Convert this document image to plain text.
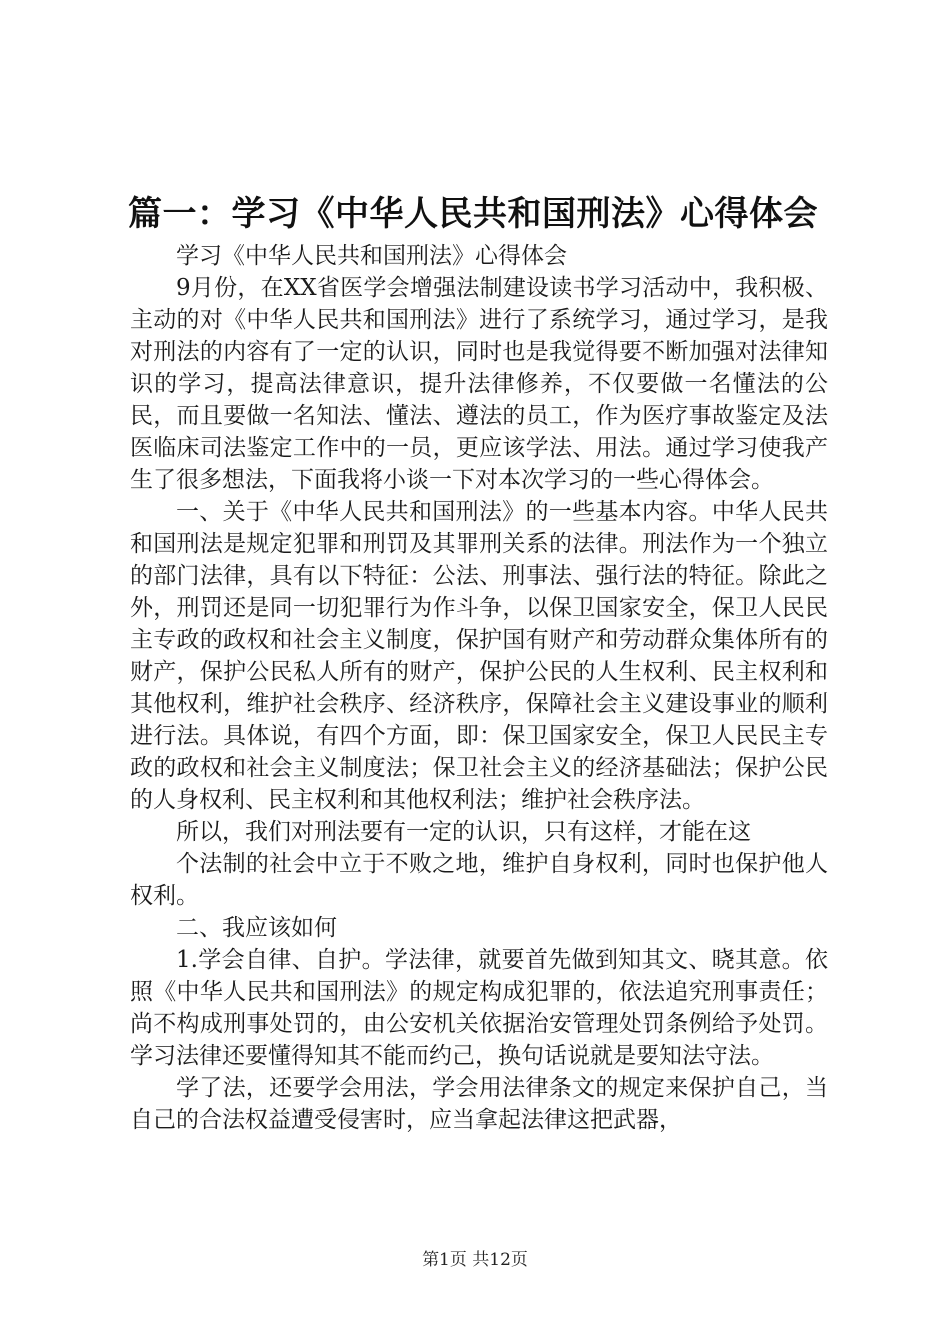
篇一：学习《中华人民共和国刑法》心得体会

学习《中华人民共和国刑法》心得体会

9月份，在XX省医学会增强法制建设读书学习活动中，我积极、主动的对《中华人民共和国刑法》进行了系统学习，通过学习，是我对刑法的内容有了一定的认识，同时也是我觉得要不断加强对法律知识的学习，提高法律意识，提升法律修养，不仅要做一名懂法的公民，而且要做一名知法、懂法、遵法的员工，作为医疗事故鉴定及法医临床司法鉴定工作中的一员，更应该学法、用法。通过学习使我产生了很多想法，下面我将小谈一下对本次学习的一些心得体会。

一、关于《中华人民共和国刑法》的一些基本内容。中华人民共和国刑法是规定犯罪和刑罚及其罪刑关系的法律。刑法作为一个独立的部门法律，具有以下特征：公法、刑事法、强行法的特征。除此之外，刑罚还是同一切犯罪行为作斗争，以保卫国家安全，保卫人民民主专政的政权和社会主义制度，保护国有财产和劳动群众集体所有的财产，保护公民私人所有的财产，保护公民的人生权利、民主权利和其他权利，维护社会秩序、经济秩序，保障社会主义建设事业的顺利进行法。具体说，有四个方面，即：保卫国家安全，保卫人民民主专政的政权和社会主义制度法；保卫社会主义的经济基础法；保护公民的人身权利、民主权利和其他权利法；维护社会秩序法。

所以，我们对刑法要有一定的认识，只有这样，才能在这

个法制的社会中立于不败之地，维护自身权利，同时也保护他人权利。

二、我应该如何

1.学会自律、自护。学法律，就要首先做到知其文、晓其意。依照《中华人民共和国刑法》的规定构成犯罪的，依法追究刑事责任；尚不构成刑事处罚的，由公安机关依据治安管理处罚条例给予处罚。学习法律还要懂得知其不能而约己，换句话说就是要知法守法。

学了法，还要学会用法，学会用法律条文的规定来保护自己，当自己的合法权益遭受侵害时，应当拿起法律这把武器，

第1页 共12页
